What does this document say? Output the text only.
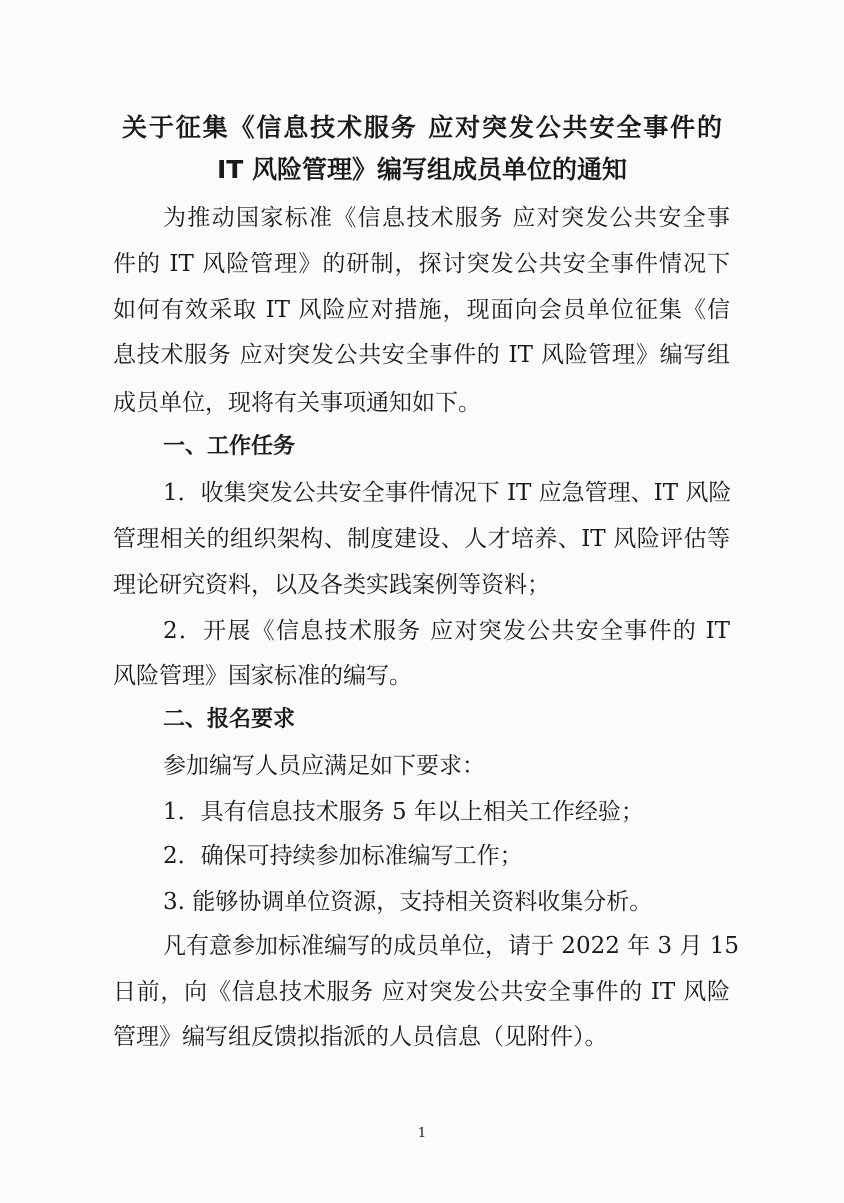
关于征集《信息技术服务 应对突发公共安全事件的
IT 风险管理》编写组成员单位的通知
为推动国家标准《信息技术服务 应对突发公共安全事
件的 IT 风险管理》的研制，探讨突发公共安全事件情况下
如何有效采取 IT 风险应对措施，现面向会员单位征集《信
息技术服务 应对突发公共安全事件的 IT 风险管理》编写组
成员单位，现将有关事项通知如下。
一、工作任务
1．收集突发公共安全事件情况下 IT 应急管理、IT 风险
管理相关的组织架构、制度建设、人才培养、IT 风险评估等
理论研究资料，以及各类实践案例等资料；
2．开展《信息技术服务 应对突发公共安全事件的 IT
风险管理》国家标准的编写。
二、报名要求
参加编写人员应满足如下要求：
1．具有信息技术服务 5 年以上相关工作经验；
2．确保可持续参加标准编写工作；
3. 能够协调单位资源，支持相关资料收集分析。
凡有意参加标准编写的成员单位，请于 2022 年 3 月 15
日前，向《信息技术服务 应对突发公共安全事件的 IT 风险
管理》编写组反馈拟指派的人员信息（见附件）。
1
